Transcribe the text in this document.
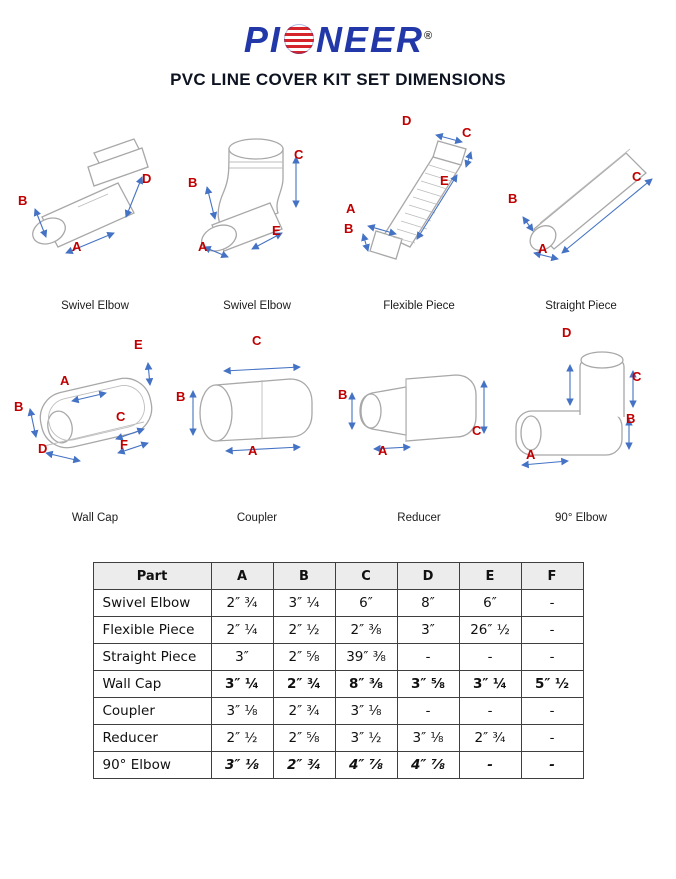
PI NEER®
PVC LINE COVER KIT SET DIMENSIONS
D
B
A
Swivel Elbow
C
B
A
E
Swivel Elbow
D
C
E
A
B
Flexible Piece
C
B
A
Straight Piece
E
A
B
C
D	F
Wall Cap
C
B
A
Coupler
B
C
A
Reducer
D
C
B
A
90° Elbow
Part	A	B	C	D	E	F
Swivel Elbow	2″ ¾	3″ ¼	6″	8″	6″	-
Flexible Piece	2″ ¼	2″ ½	2″ ⅜	3″	26″ ½	-
Straight Piece	3″	2″ ⅝	39″ ⅜	-	-	-
Wall Cap	3″ ¼	2″ ¾	8″ ⅜	3″ ⅝	3″ ¼	5″ ½
Coupler	3″ ⅛	2″ ¾	3″ ⅛	-	-	-
Reducer	2″ ½	2″ ⅝	3″ ½	3″ ⅛	2″ ¾	-
90° Elbow	3″ ⅛	2″ ¾	4″ ⅞	4″ ⅞	-	-
